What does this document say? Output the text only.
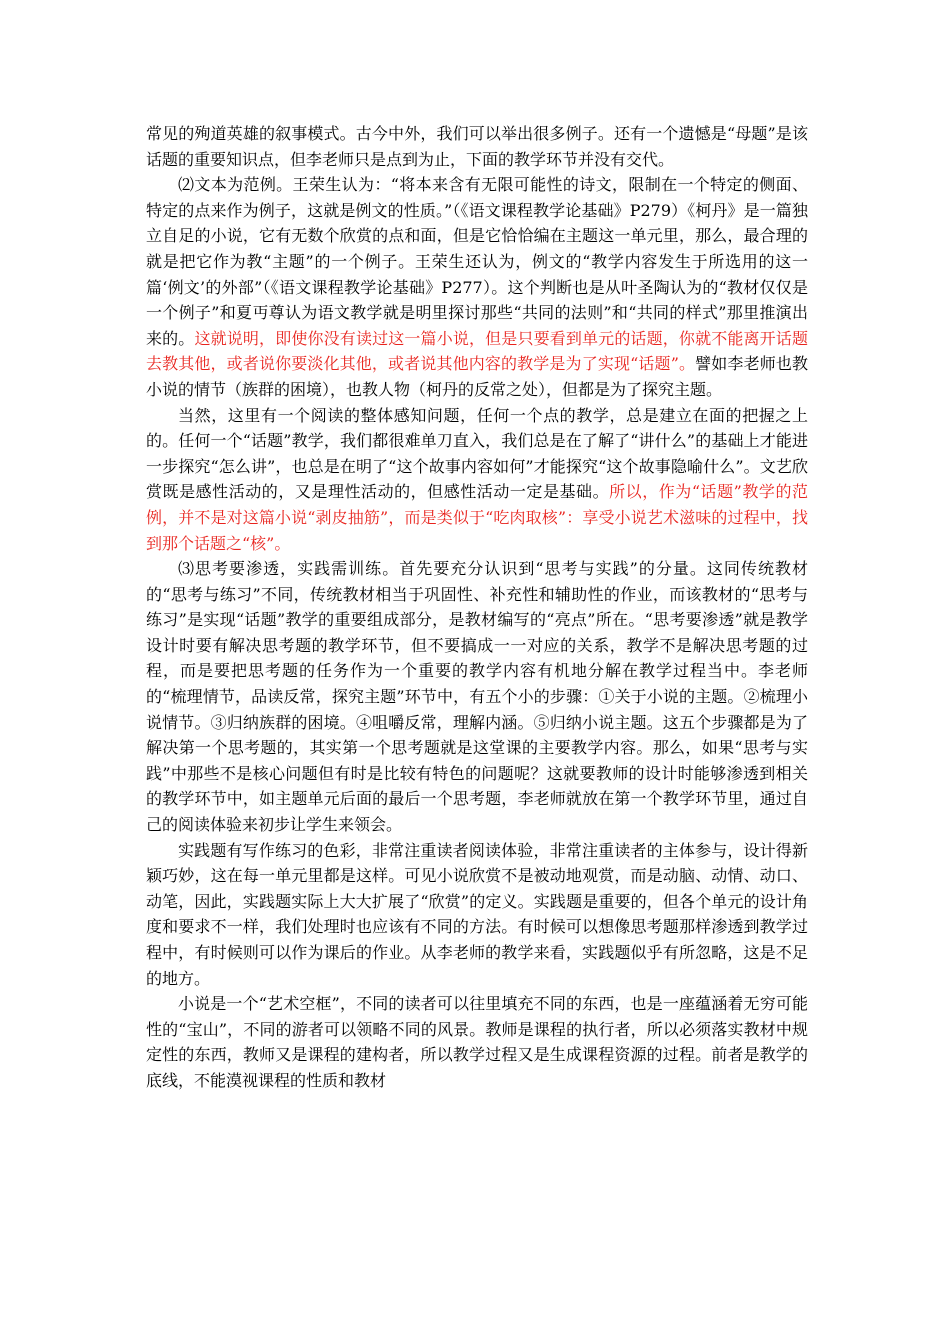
常见的殉道英雄的叙事模式。古今中外，我们可以举出很多例子。还有一个遗憾是“母题”是该话题的重要知识点，但李老师只是点到为止，下面的教学环节并没有交代。

⑵文本为范例。王荣生认为：“将本来含有无限可能性的诗文，限制在一个特定的侧面、特定的点来作为例子，这就是例文的性质。”（《语文课程教学论基础》P279）《柯丹》是一篇独立自足的小说，它有无数个欣赏的点和面，但是它恰恰编在主题这一单元里，那么，最合理的就是把它作为教“主题”的一个例子。王荣生还认为，例文的“教学内容发生于所选用的这一篇‘例文’的外部”（《语文课程教学论基础》P277）。这个判断也是从叶圣陶认为的“教材仅仅是一个例子”和夏丏尊认为语文教学就是明里探讨那些“共同的法则”和“共同的样式”那里推演出来的。这就说明，即使你没有读过这一篇小说，但是只要看到单元的话题，你就不能离开话题去教其他，或者说你要淡化其他，或者说其他内容的教学是为了实现“话题”。譬如李老师也教小说的情节（族群的困境），也教人物（柯丹的反常之处），但都是为了探究主题。

当然，这里有一个阅读的整体感知问题，任何一个点的教学，总是建立在面的把握之上的。任何一个“话题”教学，我们都很难单刀直入，我们总是在了解了“讲什么”的基础上才能进一步探究“怎么讲”，也总是在明了“这个故事内容如何”才能探究“这个故事隐喻什么”。文艺欣赏既是感性活动的，又是理性活动的，但感性活动一定是基础。所以，作为“话题”教学的范例，并不是对这篇小说“剥皮抽筋”，而是类似于“吃肉取核”：享受小说艺术滋味的过程中，找到那个话题之“核”。

⑶思考要渗透，实践需训练。首先要充分认识到“思考与实践”的分量。这同传统教材的“思考与练习”不同，传统教材相当于巩固性、补充性和辅助性的作业，而该教材的“思考与练习”是实现“话题”教学的重要组成部分，是教材编写的“亮点”所在。“思考要渗透”就是教学设计时要有解决思考题的教学环节，但不要搞成一一对应的关系，教学不是解决思考题的过程，而是要把思考题的任务作为一个重要的教学内容有机地分解在教学过程当中。李老师的“梳理情节，品读反常，探究主题”环节中，有五个小的步骤：①关于小说的主题。②梳理小说情节。③归纳族群的困境。④咀嚼反常，理解内涵。⑤归纳小说主题。这五个步骤都是为了解决第一个思考题的，其实第一个思考题就是这堂课的主要教学内容。那么，如果“思考与实践”中那些不是核心问题但有时是比较有特色的问题呢？这就要教师的设计时能够渗透到相关的教学环节中，如主题单元后面的最后一个思考题，李老师就放在第一个教学环节里，通过自己的阅读体验来初步让学生来领会。

实践题有写作练习的色彩，非常注重读者阅读体验，非常注重读者的主体参与，设计得新颖巧妙，这在每一单元里都是这样。可见小说欣赏不是被动地观赏，而是动脑、动情、动口、动笔，因此，实践题实际上大大扩展了“欣赏”的定义。实践题是重要的，但各个单元的设计角度和要求不一样，我们处理时也应该有不同的方法。有时候可以想像思考题那样渗透到教学过程中，有时候则可以作为课后的作业。从李老师的教学来看，实践题似乎有所忽略，这是不足的地方。

小说是一个“艺术空框”，不同的读者可以往里填充不同的东西，也是一座蕴涵着无穷可能性的“宝山”，不同的游者可以领略不同的风景。教师是课程的执行者，所以必须落实教材中规定性的东西，教师又是课程的建构者，所以教学过程又是生成课程资源的过程。前者是教学的底线，不能漠视课程的性质和教材
